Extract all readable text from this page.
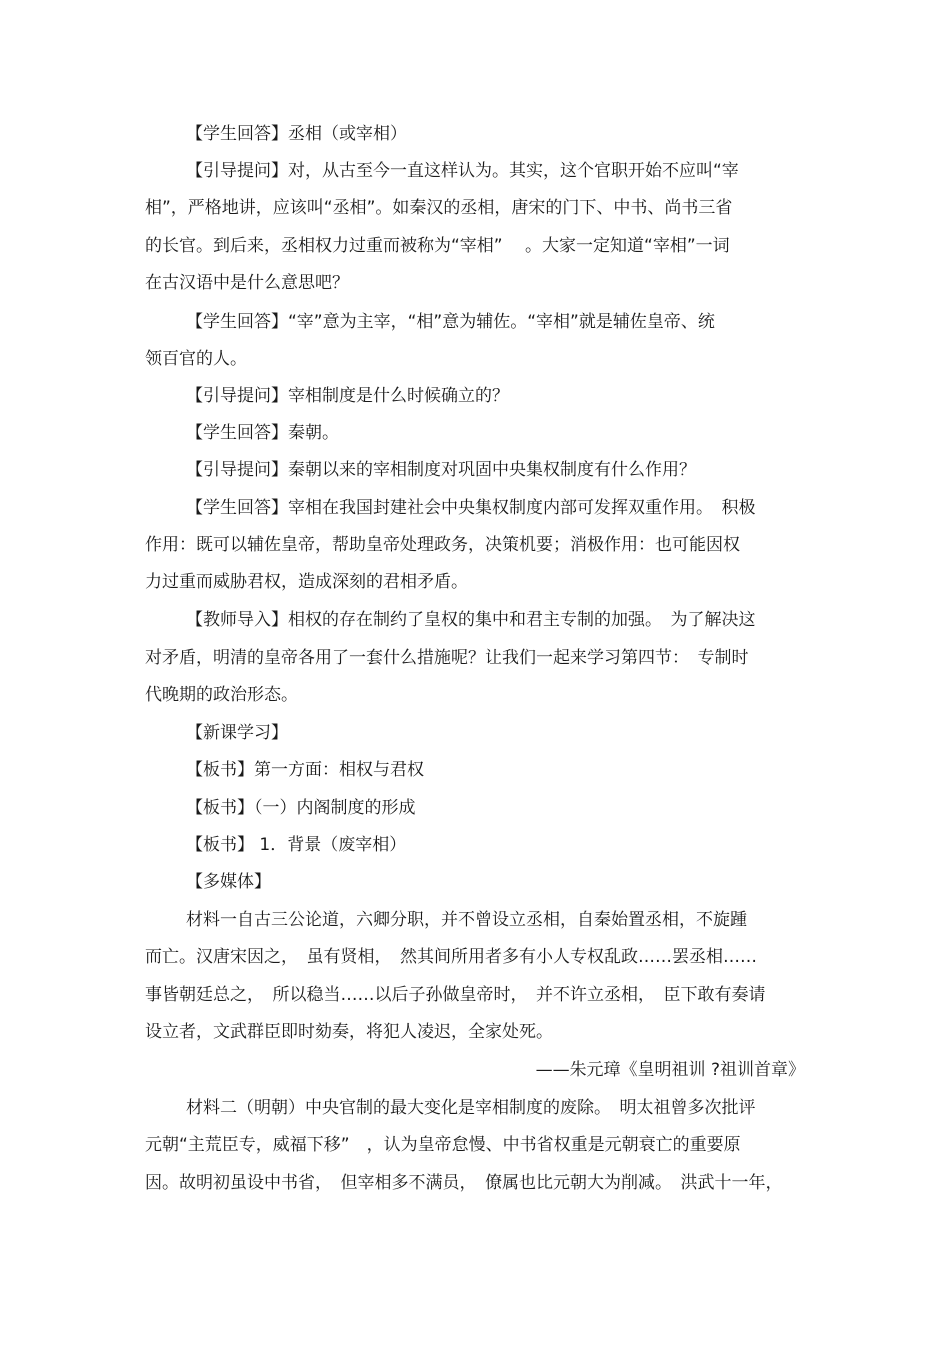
【学生回答】丞相（或宰相）
【引导提问】对，从古至今一直这样认为。其实，这个官职开始不应叫“宰
相”，严格地讲，应该叫“丞相”。如秦汉的丞相，唐宋的门下、中书、尚书三省
的长官。到后来，丞相权力过重而被称为“宰相”　 。大家一定知道“宰相”一词
在古汉语中是什么意思吧？
【学生回答】“宰”意为主宰，“相”意为辅佐。“宰相”就是辅佐皇帝、统
领百官的人。
【引导提问】宰相制度是什么时候确立的？
【学生回答】秦朝。
【引导提问】秦朝以来的宰相制度对巩固中央集权制度有什么作用？
【学生回答】宰相在我国封建社会中央集权制度内部可发挥双重作用。　积极
作用：既可以辅佐皇帝，帮助皇帝处理政务，决策机要；消极作用：也可能因权
力过重而威胁君权，造成深刻的君相矛盾。
【教师导入】相权的存在制约了皇权的集中和君主专制的加强。　为了解决这
对矛盾，明清的皇帝各用了一套什么措施呢？让我们一起来学习第四节：　专制时
代晚期的政治形态。
【新课学习】
【板书】第一方面：相权与君权
【板书】（一）内阁制度的形成
【板书】 1．背景（废宰相）
【多媒体】
材料一自古三公论道，六卿分职，并不曾设立丞相，自秦始置丞相，不旋踵
而亡。汉唐宋因之，　虽有贤相，　然其间所用者多有小人专权乱政……罢丞相……
事皆朝廷总之，　所以稳当……以后子孙做皇帝时，　并不许立丞相，　臣下敢有奏请
设立者，文武群臣即时劾奏，将犯人凌迟，全家处死。
——朱元璋《皇明祖训 ?祖训首章》
材料二（明朝）中央官制的最大变化是宰相制度的废除。　明太祖曾多次批评
元朝“主荒臣专，威福下移”　，认为皇帝怠慢、中书省权重是元朝衰亡的重要原
因。故明初虽设中书省，　但宰相多不满员，　僚属也比元朝大为削减。　洪武十一年，
